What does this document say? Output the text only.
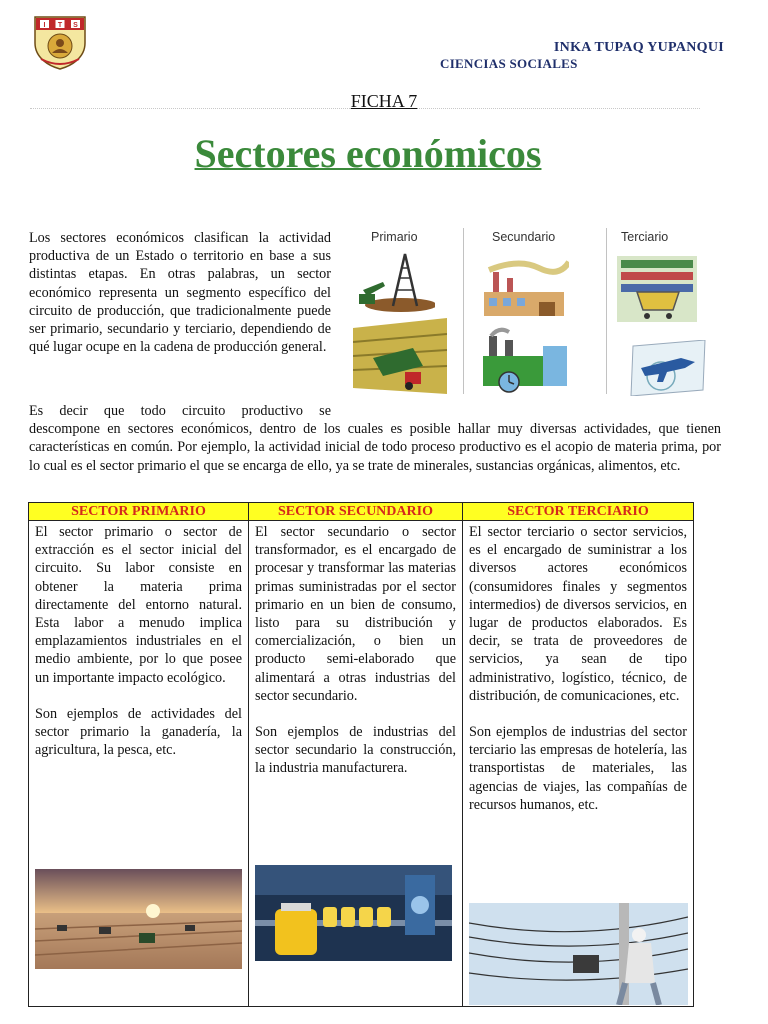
I T S
INKA TUPAQ YUPANQUI
CIENCIAS SOCIALES
FICHA 7
Sectores económicos
Los sectores económicos clasifican la actividad productiva de un Estado o territorio en base a sus distintas etapas. En otras palabras, un sector económico representa un segmento específico del circuito de producción, que tradicionalmente puede ser primario, secundario y terciario, dependiendo de qué lugar ocupe en la cadena de producción general.
Primario	Secundario	Terciario
Es decir que todo circuito productivo se
descompone en sectores económicos, dentro de los cuales es posible hallar muy diversas actividades, que tienen características en común. Por ejemplo, la actividad inicial de todo proceso productivo es el acopio de materia prima, por lo cual es el sector primario el que se encarga de ello, ya se trate de minerales, sustancias orgánicas, alimentos, etc.
SECTOR PRIMARIO

El sector primario o sector de extracción es el sector inicial del circuito. Su labor consiste en obtener la materia prima directamente del entorno natural. Esta labor a menudo implica emplazamientos industriales en el medio ambiente, por lo que posee un importante impacto ecológico.

Son ejemplos de actividades del sector primario la ganadería, la agricultura, la pesca, etc.

SECTOR SECUNDARIO

El sector secundario o sector transformador, es el encargado de procesar y transformar las materias primas suministradas por el sector primario en un bien de consumo, listo para su distribución y comercialización, o bien un producto semi-elaborado que alimentará a otras industrias del sector secundario.

Son ejemplos de industrias del sector secundario la construcción, la industria manufacturera.

SECTOR TERCIARIO

El sector terciario o sector servicios, es el encargado de suministrar a los diversos actores económicos (consumidores finales y segmentos intermedios) de diversos servicios, en lugar de productos elaborados. Es decir, se trata de proveedores de servicios, ya sean de tipo administrativo, logístico, técnico, de distribución, de comunicaciones, etc.

Son ejemplos de industrias del sector terciario las empresas de hotelería, las transportistas de materiales, las agencias de viajes, las compañías de recursos humanos, etc.
